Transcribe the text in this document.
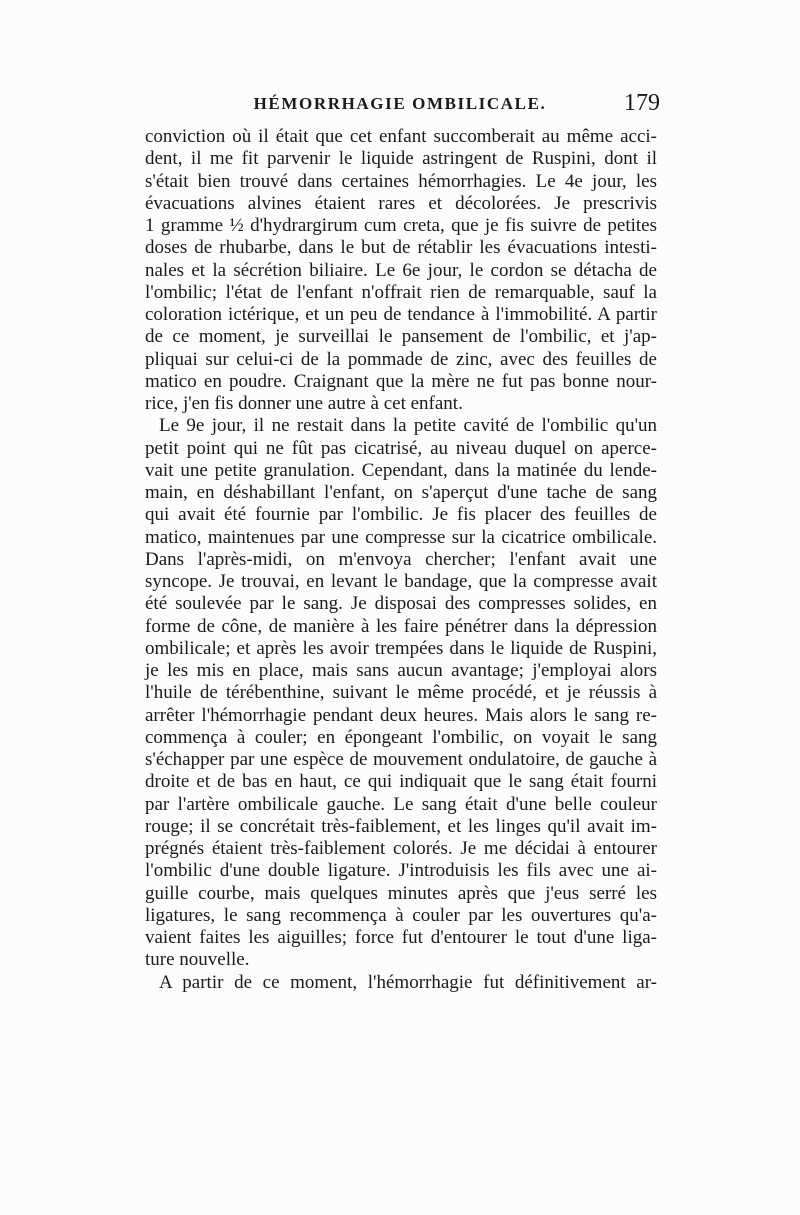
HÉMORRHAGIE OMBILICALE.	179
conviction où il était que cet enfant succomberait au même acci-
dent, il me fit parvenir le liquide astringent de Ruspini, dont il
s'était bien trouvé dans certaines hémorrhagies. Le 4e jour, les
évacuations alvines étaient rares et décolorées. Je prescrivis
1 gramme ½ d'hydrargirum cum creta, que je fis suivre de petites
doses de rhubarbe, dans le but de rétablir les évacuations intesti-
nales et la sécrétion biliaire. Le 6e jour, le cordon se détacha de
l'ombilic; l'état de l'enfant n'offrait rien de remarquable, sauf la
coloration ictérique, et un peu de tendance à l'immobilité. A partir
de ce moment, je surveillai le pansement de l'ombilic, et j'ap-
pliquai sur celui-ci de la pommade de zinc, avec des feuilles de
matico en poudre. Craignant que la mère ne fut pas bonne nour-
rice, j'en fis donner une autre à cet enfant.
Le 9e jour, il ne restait dans la petite cavité de l'ombilic qu'un
petit point qui ne fût pas cicatrisé, au niveau duquel on aperce-
vait une petite granulation. Cependant, dans la matinée du lende-
main, en déshabillant l'enfant, on s'aperçut d'une tache de sang
qui avait été fournie par l'ombilic. Je fis placer des feuilles de
matico, maintenues par une compresse sur la cicatrice ombilicale.
Dans l'après-midi, on m'envoya chercher; l'enfant avait une
syncope. Je trouvai, en levant le bandage, que la compresse avait
été soulevée par le sang. Je disposai des compresses solides, en
forme de cône, de manière à les faire pénétrer dans la dépression
ombilicale; et après les avoir trempées dans le liquide de Ruspini,
je les mis en place, mais sans aucun avantage; j'employai alors
l'huile de térébenthine, suivant le même procédé, et je réussis à
arrêter l'hémorrhagie pendant deux heures. Mais alors le sang re-
commença à couler; en épongeant l'ombilic, on voyait le sang
s'échapper par une espèce de mouvement ondulatoire, de gauche à
droite et de bas en haut, ce qui indiquait que le sang était fourni
par l'artère ombilicale gauche. Le sang était d'une belle couleur
rouge; il se concrétait très-faiblement, et les linges qu'il avait im-
prégnés étaient très-faiblement colorés. Je me décidai à entourer
l'ombilic d'une double ligature. J'introduisis les fils avec une ai-
guille courbe, mais quelques minutes après que j'eus serré les
ligatures, le sang recommença à couler par les ouvertures qu'a-
vaient faites les aiguilles; force fut d'entourer le tout d'une liga-
ture nouvelle.
A partir de ce moment, l'hémorrhagie fut définitivement ar-
